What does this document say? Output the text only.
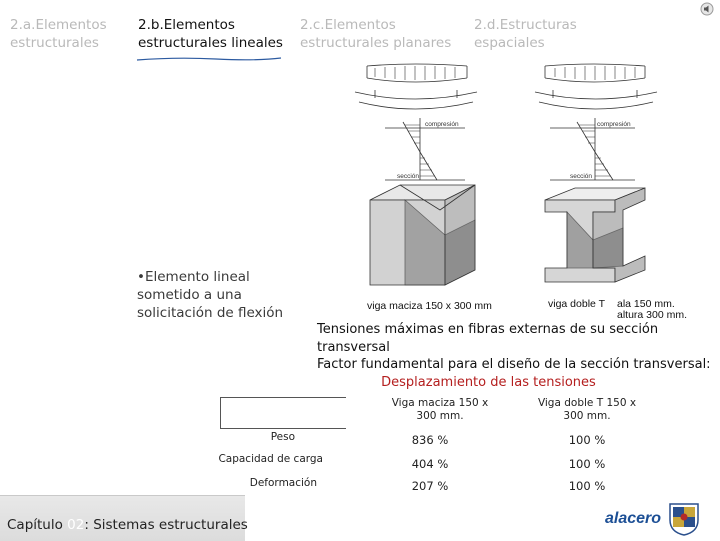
2.a.Elementos estructurales
2.b.Elementos estructurales lineales
2.c.Elementos estructurales planares
2.d.Estructuras espaciales
•Elemento lineal sometido a una solicitación de flexión
compresión
sección
compresión
sección
viga maciza 150 x 300 mm	viga doble T ala 150 mm.
altura 300 mm.
Tensiones máximas en fibras externas de su sección transversal
Factor fundamental para el diseño de la sección transversal:  Desplazamiento de las tensiones
Viga maciza 150 x 300 mm.
Viga doble T 150 x 300 mm.
Peso	836 %	100 %
Capacidad de carga	404 %	100 %
Deformación	207 %	100 %
Capítulo 02: Sistemas estructurales	alacero
